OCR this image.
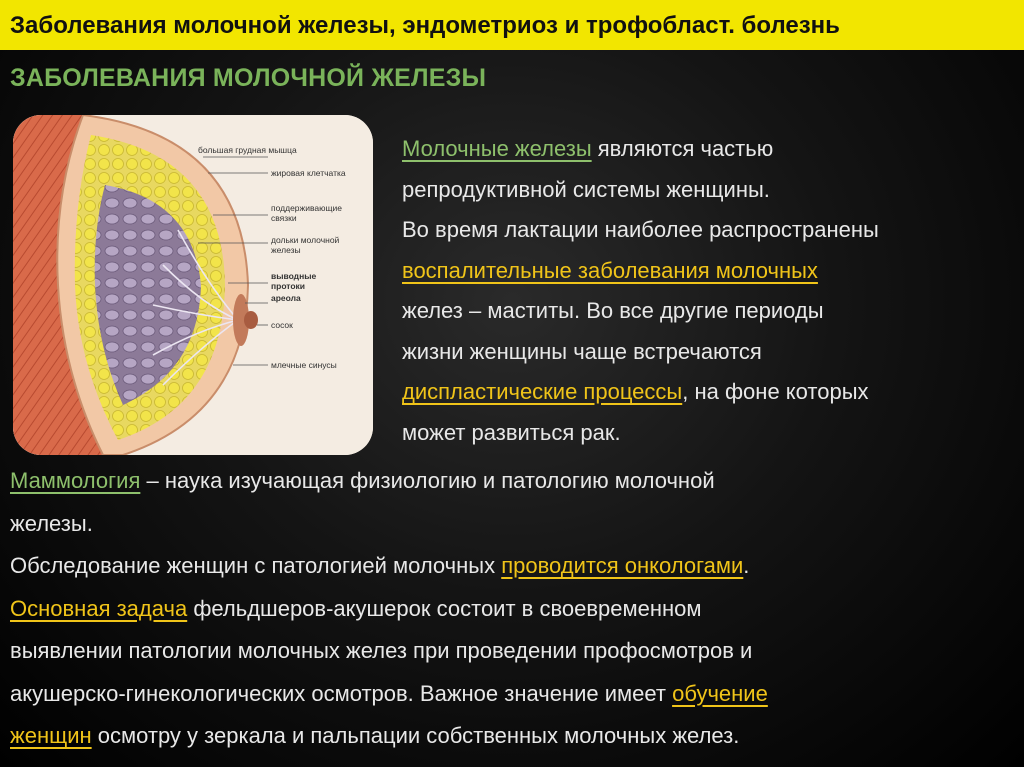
Заболевания молочной железы, эндометриоз и трофобласт. болезнь
ЗАБОЛЕВАНИЯ МОЛОЧНОЙ ЖЕЛЕЗЫ
большая грудная мышца
жировая клетчатка
поддерживающие
связки
дольки молочной
железы
выводные
протоки
ареола
сосок
млечные синусы
Молочные железы являются частью
репродуктивной системы женщины.
Во время лактации наиболее распространены
воспалительные заболевания молочных
желез – маститы. Во все другие периоды
жизни женщины чаще встречаются
диспластические процессы, на фоне которых
может развиться рак.
Маммология – наука изучающая физиологию и патологию молочной
железы.
Обследование женщин с патологией молочных проводится онкологами.
Основная задача фельдшеров-акушерок состоит в своевременном
выявлении патологии молочных желез при проведении профосмотров и
акушерско-гинекологических осмотров. Важное значение имеет обучение
женщин осмотру у зеркала и пальпации собственных молочных желез.
